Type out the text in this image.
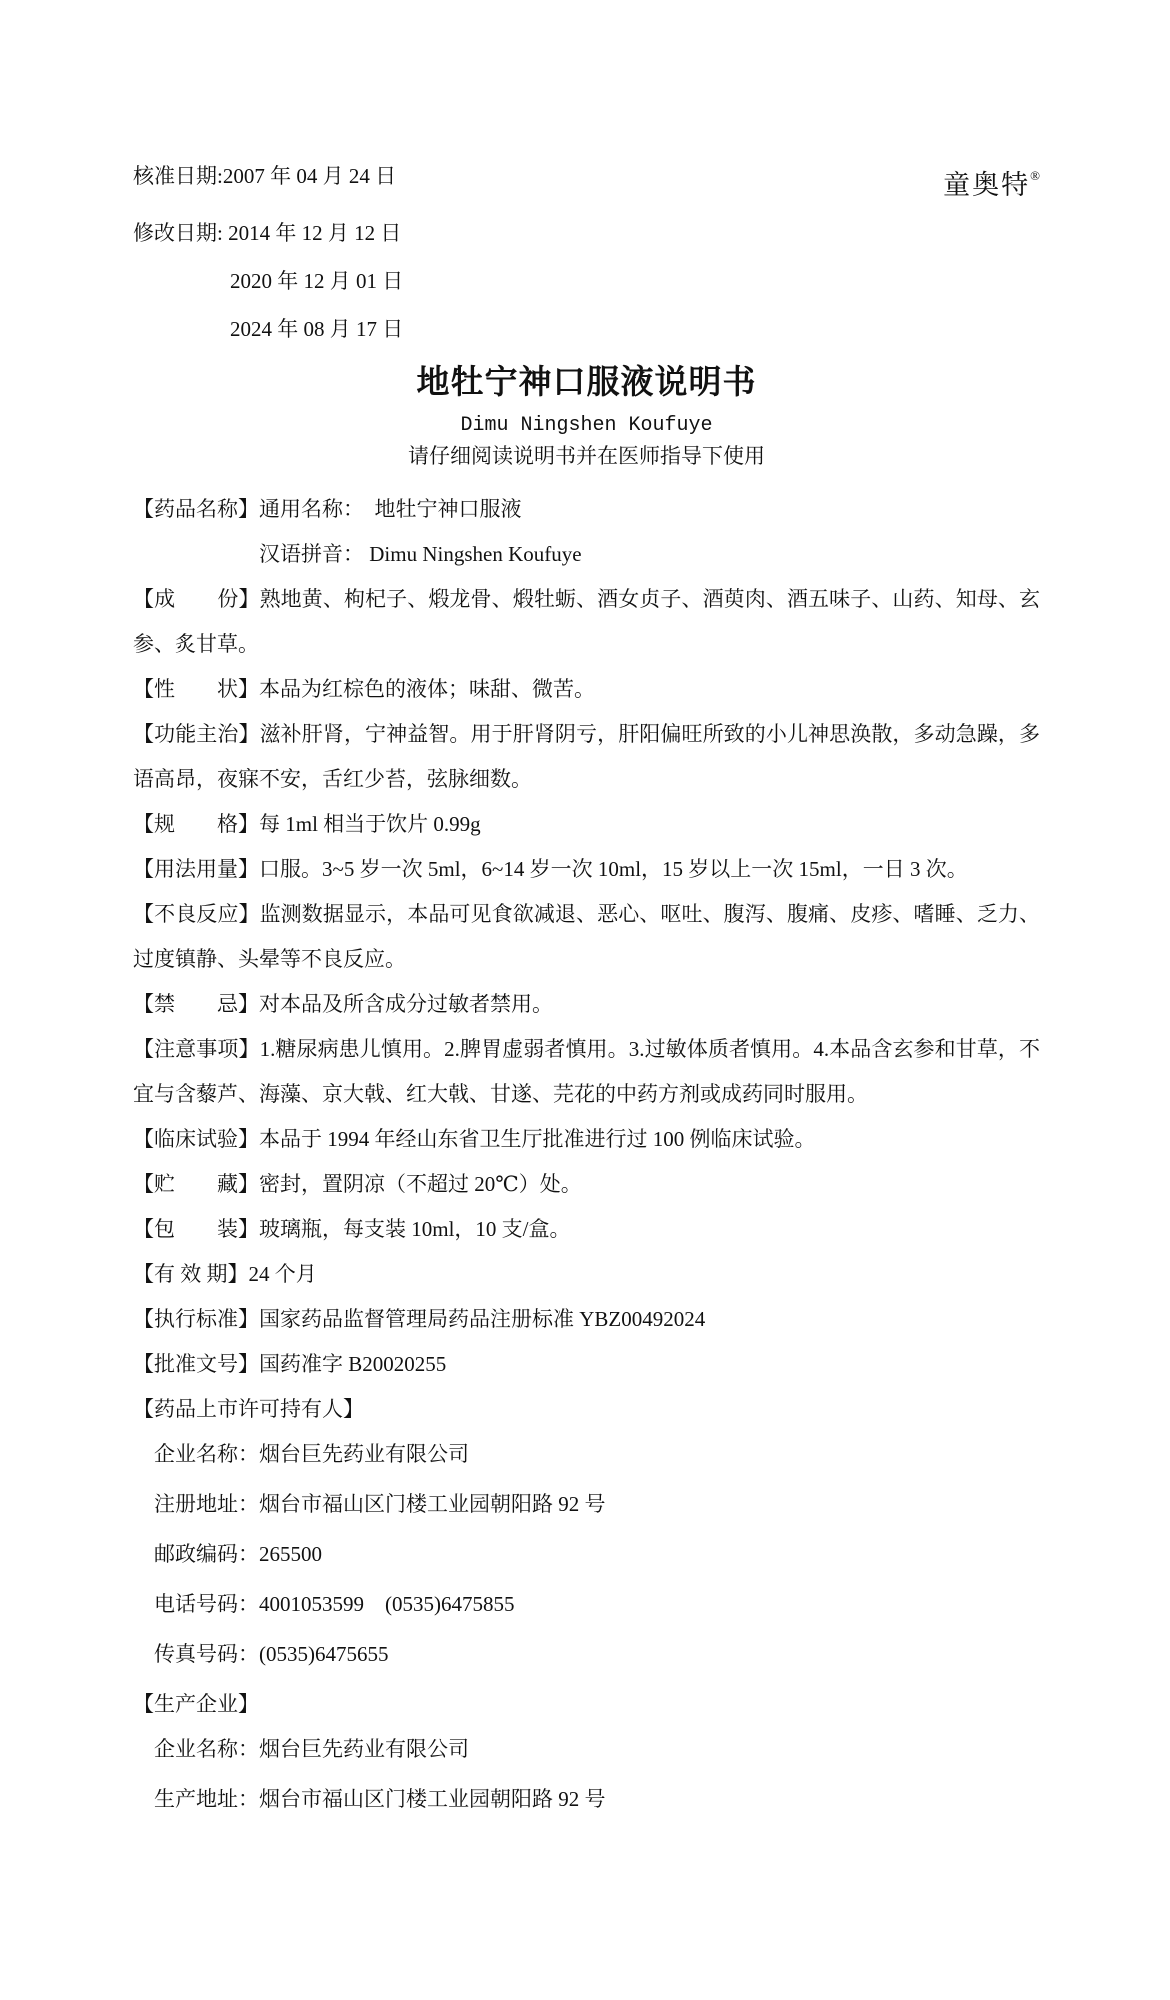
核准日期:2007 年 04 月 24 日	童奥特®
修改日期: 2014 年 12 月 12 日
2020 年 12 月 01 日
2024 年 08 月 17 日
地牡宁神口服液说明书
Dimu Ningshen Koufuye
请仔细阅读说明书并在医师指导下使用

【药品名称】通用名称：　地牡宁神口服液

汉语拼音： Dimu Ningshen Koufuye

【成　　份】熟地黄、枸杞子、煅龙骨、煅牡蛎、酒女贞子、酒萸肉、酒五味子、山药、知母、玄参、炙甘草。

【性　　状】本品为红棕色的液体；味甜、微苦。

【功能主治】滋补肝肾，宁神益智。用于肝肾阴亏，肝阳偏旺所致的小儿神思涣散，多动急躁，多语高昂，夜寐不安，舌红少苔，弦脉细数。

【规　　格】每 1ml 相当于饮片 0.99g

【用法用量】口服。3~5 岁一次 5ml，6~14 岁一次 10ml，15 岁以上一次 15ml，一日 3 次。

【不良反应】监测数据显示，本品可见食欲减退、恶心、呕吐、腹泻、腹痛、皮疹、嗜睡、乏力、过度镇静、头晕等不良反应。

【禁　　忌】对本品及所含成分过敏者禁用。

【注意事项】1.糖尿病患儿慎用。2.脾胃虚弱者慎用。3.过敏体质者慎用。4.本品含玄参和甘草，不宜与含藜芦、海藻、京大戟、红大戟、甘遂、芫花的中药方剂或成药同时服用。

【临床试验】本品于 1994 年经山东省卫生厅批准进行过 100 例临床试验。

【贮　　藏】密封，置阴凉（不超过 20℃）处。

【包　　装】玻璃瓶，每支装 10ml，10 支/盒。

【有 效 期】24 个月

【执行标准】国家药品监督管理局药品注册标准 YBZ00492024

【批准文号】国药准字 B20020255

【药品上市许可持有人】

企业名称：烟台巨先药业有限公司

注册地址：烟台市福山区门楼工业园朝阳路 92 号

邮政编码：265500

电话号码：4001053599　(0535)6475855

传真号码：(0535)6475655

【生产企业】

企业名称：烟台巨先药业有限公司

生产地址：烟台市福山区门楼工业园朝阳路 92 号
